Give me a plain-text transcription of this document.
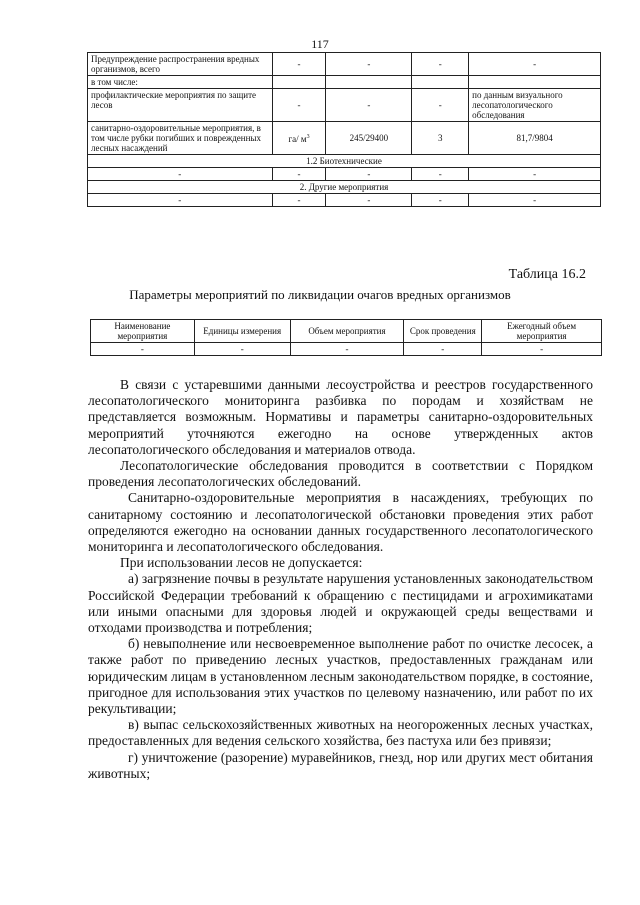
117
Предупреждение распространения вредных организмов, всего	-	-	-	-
в том числе:				
профилактические мероприятия по защите лесов	-	-	-	по данным визуального лесопатологического обследования
санитарно-оздоровительные мероприятия, в том числе рубки погибших и поврежденных лесных насаждений	га/ $м^3$	245/29400	3	81,7/9804
1.2 Биотехнические				
-	-	-	-	-
2. Другие мероприятия				
-	-	-	-	-
Таблица 16.2
Параметры мероприятий по ликвидации очагов вредных организмов
Наименование мероприятия	Единицы измерения	Объем мероприятия	Срок проведения	Ежегодный объем мероприятия
-	-	-	-	-

В связи с устаревшими данными лесоустройства и реестров государственного лесопатологического мониторинга разбивка по породам и хозяйствам не представляется возможным. Нормативы и параметры санитарно-оздоровительных мероприятий уточняются ежегодно на основе утвержденных актов лесопатологического обследования и материалов отвода.

Лесопатологические обследования проводится в соответствии с Порядком проведения лесопатологических обследований.

Санитарно-оздоровительные мероприятия в насаждениях, требующих по санитарному состоянию и лесопатологической обстановки проведения этих работ определяются ежегодно на основании данных государственного лесопатологического мониторинга и лесопатологического обследования.

При использовании лесов не допускается:

а) загрязнение почвы в результате нарушения установленных законодательством Российской Федерации требований к обращению с пестицидами и агрохимикатами или иными опасными для здоровья людей и окружающей среды веществами и отходами производства и потребления;

б) невыполнение или несвоевременное выполнение работ по очистке лесосек, а также работ по приведению лесных участков, предоставленных гражданам или юридическим лицам в установленном лесным законодательством порядке, в состояние, пригодное для использования этих участков по целевому назначению, или работ по их рекультивации;

в) выпас сельскохозяйственных животных на неогороженных лесных участках, предоставленных для ведения сельского хозяйства, без пастуха или без привязи;

г) уничтожение (разорение) муравейников, гнезд, нор или других мест обитания животных;
